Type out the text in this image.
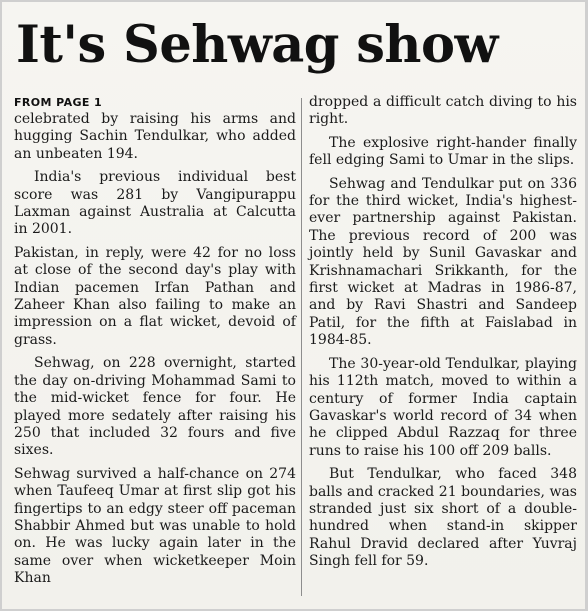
It's Sehwag show
FROM PAGE 1

celebrated by raising his arms and hugging Sachin Tendulkar, who added an unbeaten 194.

India's previous individual best score was 281 by Vangipurappu Laxman against Australia at Calcutta in 2001.

Pakistan, in reply, were 42 for no loss at close of the second day's play with Indian pacemen Irfan Pathan and Zaheer Khan also failing to make an impression on a flat wicket, devoid of grass.

Sehwag, on 228 overnight, started the day on-driving Mohammad Sami to the mid-wicket fence for four. He played more sedately after raising his 250 that included 32 fours and five sixes.

Sehwag survived a half-chance on 274 when Taufeeq Umar at first slip got his fingertips to an edgy steer off paceman Shabbir Ahmed but was unable to hold on. He was lucky again later in the same over when wicketkeeper Moin Khan

dropped a difficult catch diving to his right.

The explosive right-hander finally fell edging Sami to Umar in the slips.

Sehwag and Tendulkar put on 336 for the third wicket, India's highest-ever partnership against Pakistan. The previous record of 200 was jointly held by Sunil Gavaskar and Krishnamachari Srikkanth, for the first wicket at Madras in 1986-87, and by Ravi Shastri and Sandeep Patil, for the fifth at Faislabad in 1984-85.

The 30-year-old Tendulkar, playing his 112th match, moved to within a century of former India captain Gavaskar's world record of 34 when he clipped Abdul Razzaq for three runs to raise his 100 off 209 balls.

But Tendulkar, who faced 348 balls and cracked 21 boundaries, was stranded just six short of a double-hundred when stand-in skipper Rahul Dravid declared after Yuvraj Singh fell for 59.
